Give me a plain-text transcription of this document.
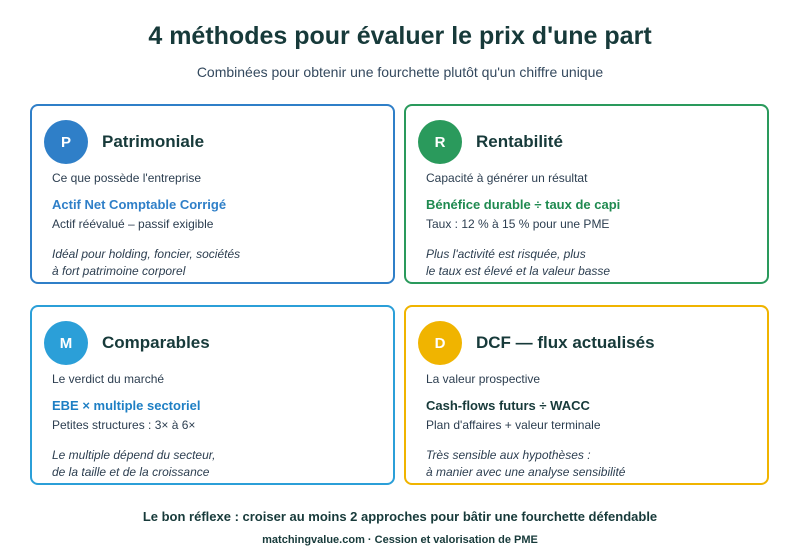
4 méthodes pour évaluer le prix d'une part
Combinées pour obtenir une fourchette plutôt qu'un chiffre unique
P	Patrimoniale
Ce que possède l'entreprise
Actif Net Comptable Corrigé
Actif réévalué – passif exigible
Idéal pour holding, foncier, sociétés
à fort patrimoine corporel
R	Rentabilité
Capacité à générer un résultat
Bénéfice durable ÷ taux de capi
Taux : 12 % à 15 % pour une PME
Plus l'activité est risquée, plus
le taux est élevé et la valeur basse
M	Comparables
Le verdict du marché
EBE × multiple sectoriel
Petites structures : 3× à 6×
Le multiple dépend du secteur,
de la taille et de la croissance
D	DCF — flux actualisés
La valeur prospective
Cash-flows futurs ÷ WACC
Plan d'affaires + valeur terminale
Très sensible aux hypothèses :
à manier avec une analyse sensibilité
Le bon réflexe : croiser au moins 2 approches pour bâtir une fourchette défendable
matchingvalue.com · Cession et valorisation de PME
